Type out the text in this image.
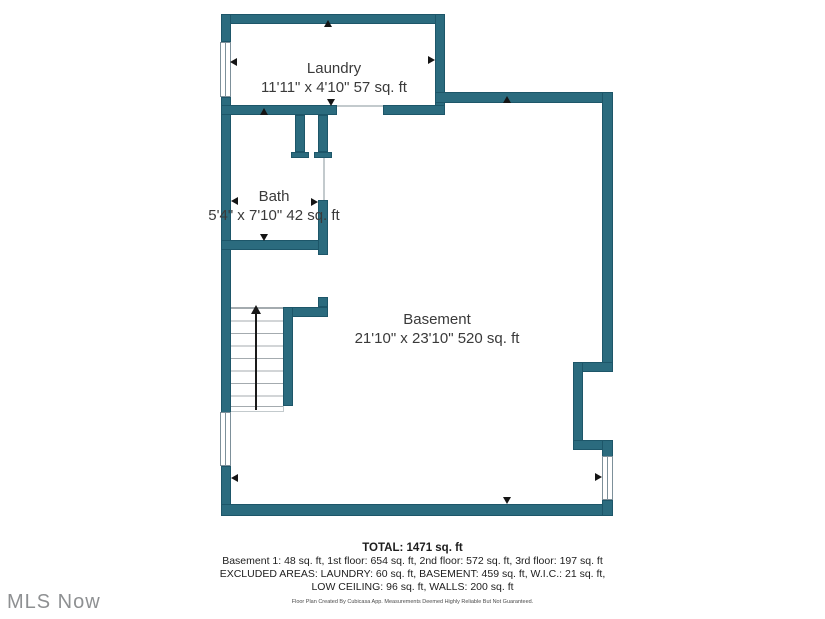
Laundry
11'11" x 4'10" 57 sq. ft
Bath
5'4" x 7'10" 42 sq. ft
Basement
21'10" x 23'10" 520 sq. ft
TOTAL: 1471 sq. ft
Basement 1: 48 sq. ft, 1st floor: 654 sq. ft, 2nd floor: 572 sq. ft, 3rd floor: 197 sq. ft
EXCLUDED AREAS: LAUNDRY: 60 sq. ft, BASEMENT: 459 sq. ft, W.I.C.: 21 sq. ft,
LOW CEILING: 96 sq. ft, WALLS: 200 sq. ft
Floor Plan Created By Cubicasa App. Measurements Deemed Highly Reliable But Not Guaranteed.
MLS Now
